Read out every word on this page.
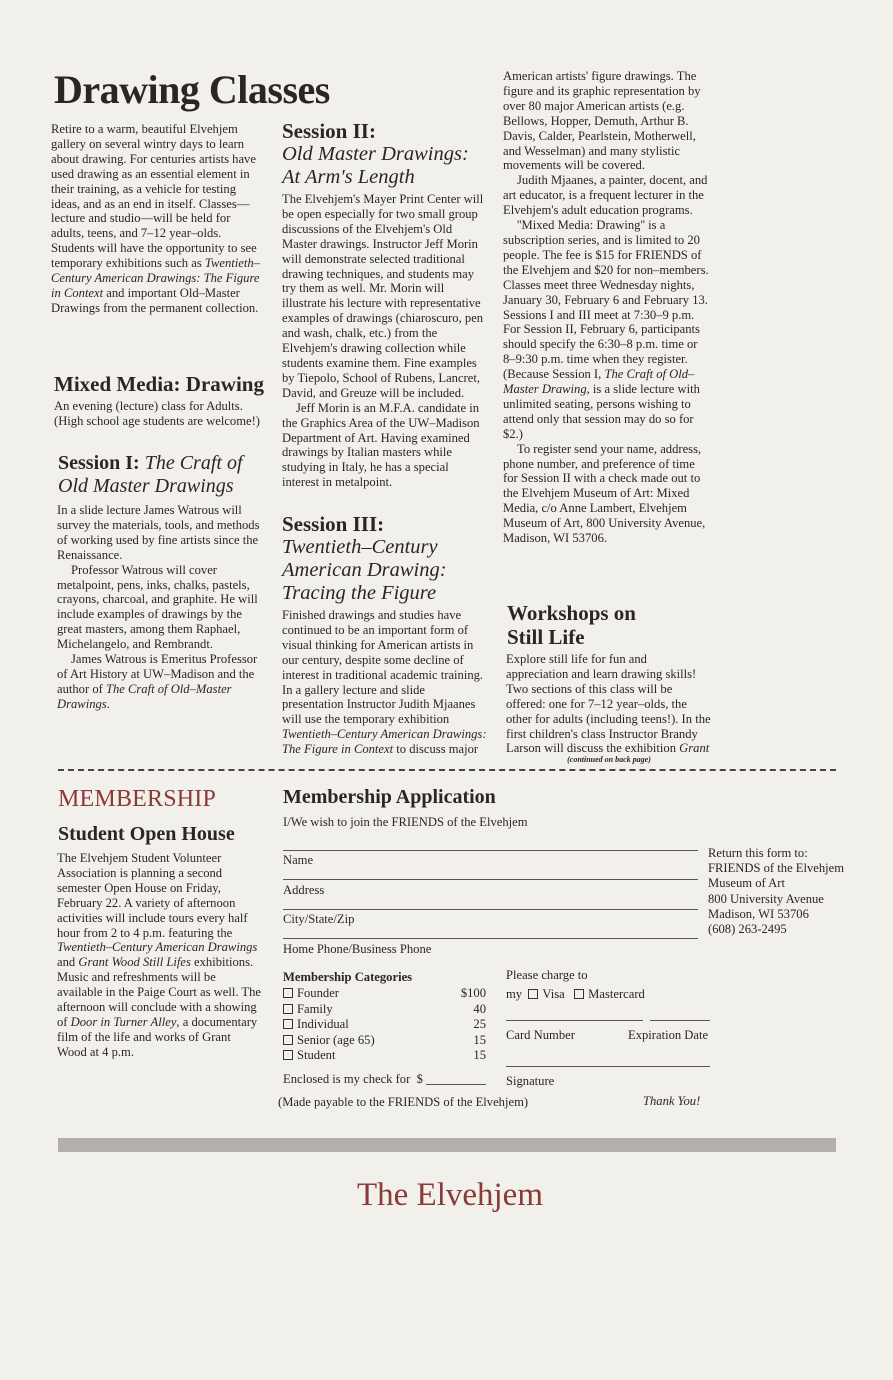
Drawing Classes

Retire to a warm, beautiful Elvehjem gallery on several wintry days to learn about drawing. For centuries artists have used drawing as an essential element in their training, as a vehicle for testing ideas, and as an end in itself. Classes—lecture and studio—will be held for adults, teens, and 7–12 year–olds. Students will have the opportunity to see temporary exhibitions such as Twentieth–Century American Drawings: The Figure in Context and important Old–Master Drawings from the permanent collection.

Mixed Media: Drawing
An evening (lecture) class for Adults. (High school age students are welcome!)
Session I: The Craft of Old Master Drawings

In a slide lecture James Watrous will survey the materials, tools, and methods of working used by fine artists since the Renaissance.

Professor Watrous will cover metalpoint, pens, inks, chalks, pastels, crayons, charcoal, and graphite. He will include examples of drawings by the great masters, among them Raphael, Michelangelo, and Rembrandt.

James Watrous is Emeritus Professor of Art History at UW–Madison and the author of The Craft of Old–Master Drawings.

Session II:
Old Master Drawings: At Arm's Length

The Elvehjem's Mayer Print Center will be open especially for two small group discussions of the Elvehjem's Old Master drawings. Instructor Jeff Morin will demonstrate selected traditional drawing techniques, and students may try them as well. Mr. Morin will illustrate his lecture with representative examples of drawings (chiaroscuro, pen and wash, chalk, etc.) from the Elvehjem's drawing collection while students examine them. Fine examples by Tiepolo, School of Rubens, Lancret, David, and Greuze will be included.

Jeff Morin is an M.F.A. candidate in the Graphics Area of the UW–Madison Department of Art. Having examined drawings by Italian masters while studying in Italy, he has a special interest in metalpoint.

Session III:
Twentieth–Century American Drawing: Tracing the Figure

Finished drawings and studies have continued to be an important form of visual thinking for American artists in our century, despite some decline of interest in traditional academic training. In a gallery lecture and slide presentation Instructor Judith Mjaanes will use the temporary exhibition Twentieth–Century American Drawings: The Figure in Context to discuss major

American artists' figure drawings. The figure and its graphic representation by over 80 major American artists (e.g. Bellows, Hopper, Demuth, Arthur B. Davis, Calder, Pearlstein, Motherwell, and Wesselman) and many stylistic movements will be covered.

Judith Mjaanes, a painter, docent, and art educator, is a frequent lecturer in the Elvehjem's adult education programs.

''Mixed Media: Drawing'' is a subscription series, and is limited to 20 people. The fee is $15 for FRIENDS of the Elvehjem and $20 for non–members. Classes meet three Wednesday nights, January 30, February 6 and February 13. Sessions I and III meet at 7:30–9 p.m. For Session II, February 6, participants should specify the 6:30–8 p.m. time or 8–9:30 p.m. time when they register. (Because Session I, The Craft of Old–Master Drawing, is a slide lecture with unlimited seating, persons wishing to attend only that session may do so for $2.)

To register send your name, address, phone number, and preference of time for Session II with a check made out to the Elvehjem Museum of Art: Mixed Media, c/o Anne Lambert, Elvehjem Museum of Art, 800 University Avenue, Madison, WI 53706.

Workshops on Still Life

Explore still life for fun and appreciation and learn drawing skills! Two sections of this class will be offered: one for 7–12 year–olds, the other for adults (including teens!). In the first children's class Instructor Brandy Larson will discuss the exhibition Grant

(continued on back page)
MEMBERSHIP
Student Open House

The Elvehjem Student Volunteer Association is planning a second semester Open House on Friday, February 22. A variety of afternoon activities will include tours every half hour from 2 to 4 p.m. featuring the Twentieth–Century American Drawings and Grant Wood Still Lifes exhibitions. Music and refreshments will be available in the Paige Court as well. The afternoon will conclude with a showing of Door in Turner Alley, a documentary film of the life and works of Grant Wood at 4 p.m.

Membership Application
I/We wish to join the FRIENDS of the Elvehjem
Name
Address
City/State/Zip
Home Phone/Business Phone
Return this form to:
FRIENDS of the Elvehjem
Museum of Art
800 University Avenue
Madison, WI 53706
(608) 263-2495
Membership Categories
Founder	$100
Family	40
Individual	25
Senior (age 65)	15
Student	15
Enclosed is my check for  $
(Made payable to the FRIENDS of the Elvehjem)
Please charge to
my Visa Mastercard
Card Number	Expiration Date
Signature
Thank You!
The Elvehjem
